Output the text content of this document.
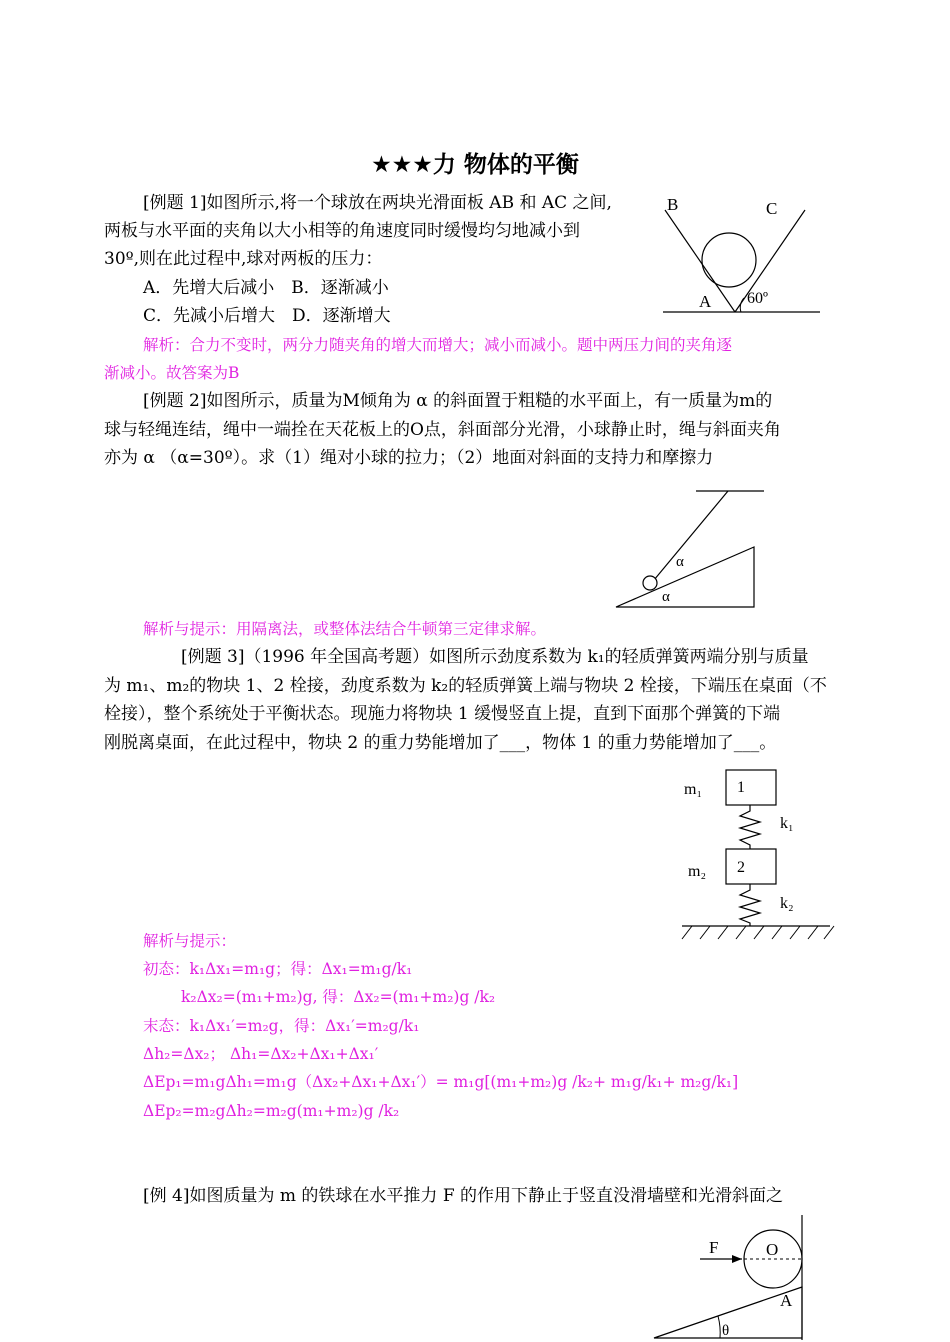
★★★力 物体的平衡
[例题 1]如图所示,将一个球放在两块光滑面板 AB 和 AC 之间,
两板与水平面的夹角以大小相等的角速度同时缓慢均匀地减小到
30º,则在此过程中,球对两板的压力：
A．先增大后减小　B．逐渐减小
C．先减小后增大　D．逐渐增大
解析：合力不变时，两分力随夹角的增大而增大；减小而减小。题中两压力间的夹角逐
渐减小。故答案为B
B	C
A 60º
[例题 2]如图所示，质量为M倾角为 α 的斜面置于粗糙的水平面上，有一质量为m的
球与轻绳连结，绳中一端拴在天花板上的O点，斜面部分光滑，小球静止时，绳与斜面夹角
亦为 α （α=30º）。求（1）绳对小球的拉力；（2）地面对斜面的支持力和摩擦力
α
α
解析与提示：用隔离法，或整体法结合牛顿第三定律求解。
[例题 3]（1996 年全国高考题）如图所示劲度系数为 k₁的轻质弹簧两端分别与质量
为 m₁、m₂的物块 1、2 栓接，劲度系数为 k₂的轻质弹簧上端与物块 2 栓接，下端压在桌面（不
栓接），整个系统处于平衡状态。现施力将物块 1 缓慢竖直上提，直到下面那个弹簧的下端
刚脱离桌面，在此过程中，物块 2 的重力势能增加了___，物体 1 的重力势能增加了___。
m₁ 1
k₁
m₂ 2
k₂
解析与提示：
初态：k₁Δx₁=m₁g；得：Δx₁=m₁g/k₁
k₂Δx₂=(m₁+m₂)g, 得：Δx₂=(m₁+m₂)g /k₂
末态：k₁Δx₁′=m₂g，得：Δx₁′=m₂g/k₁
Δh₂=Δx₂； Δh₁=Δx₂+Δx₁+Δx₁′
ΔEp₁=m₁gΔh₁=m₁g（Δx₂+Δx₁+Δx₁′）= m₁g[(m₁+m₂)g /k₂+ m₁g/k₁+ m₂g/k₁]
ΔEp₂=m₂gΔh₂=m₂g(m₁+m₂)g /k₂
[例 4]如图质量为 m 的铁球在水平推力 F 的作用下静止于竖直没滑墙壁和光滑斜面之
F	O
A
θ
